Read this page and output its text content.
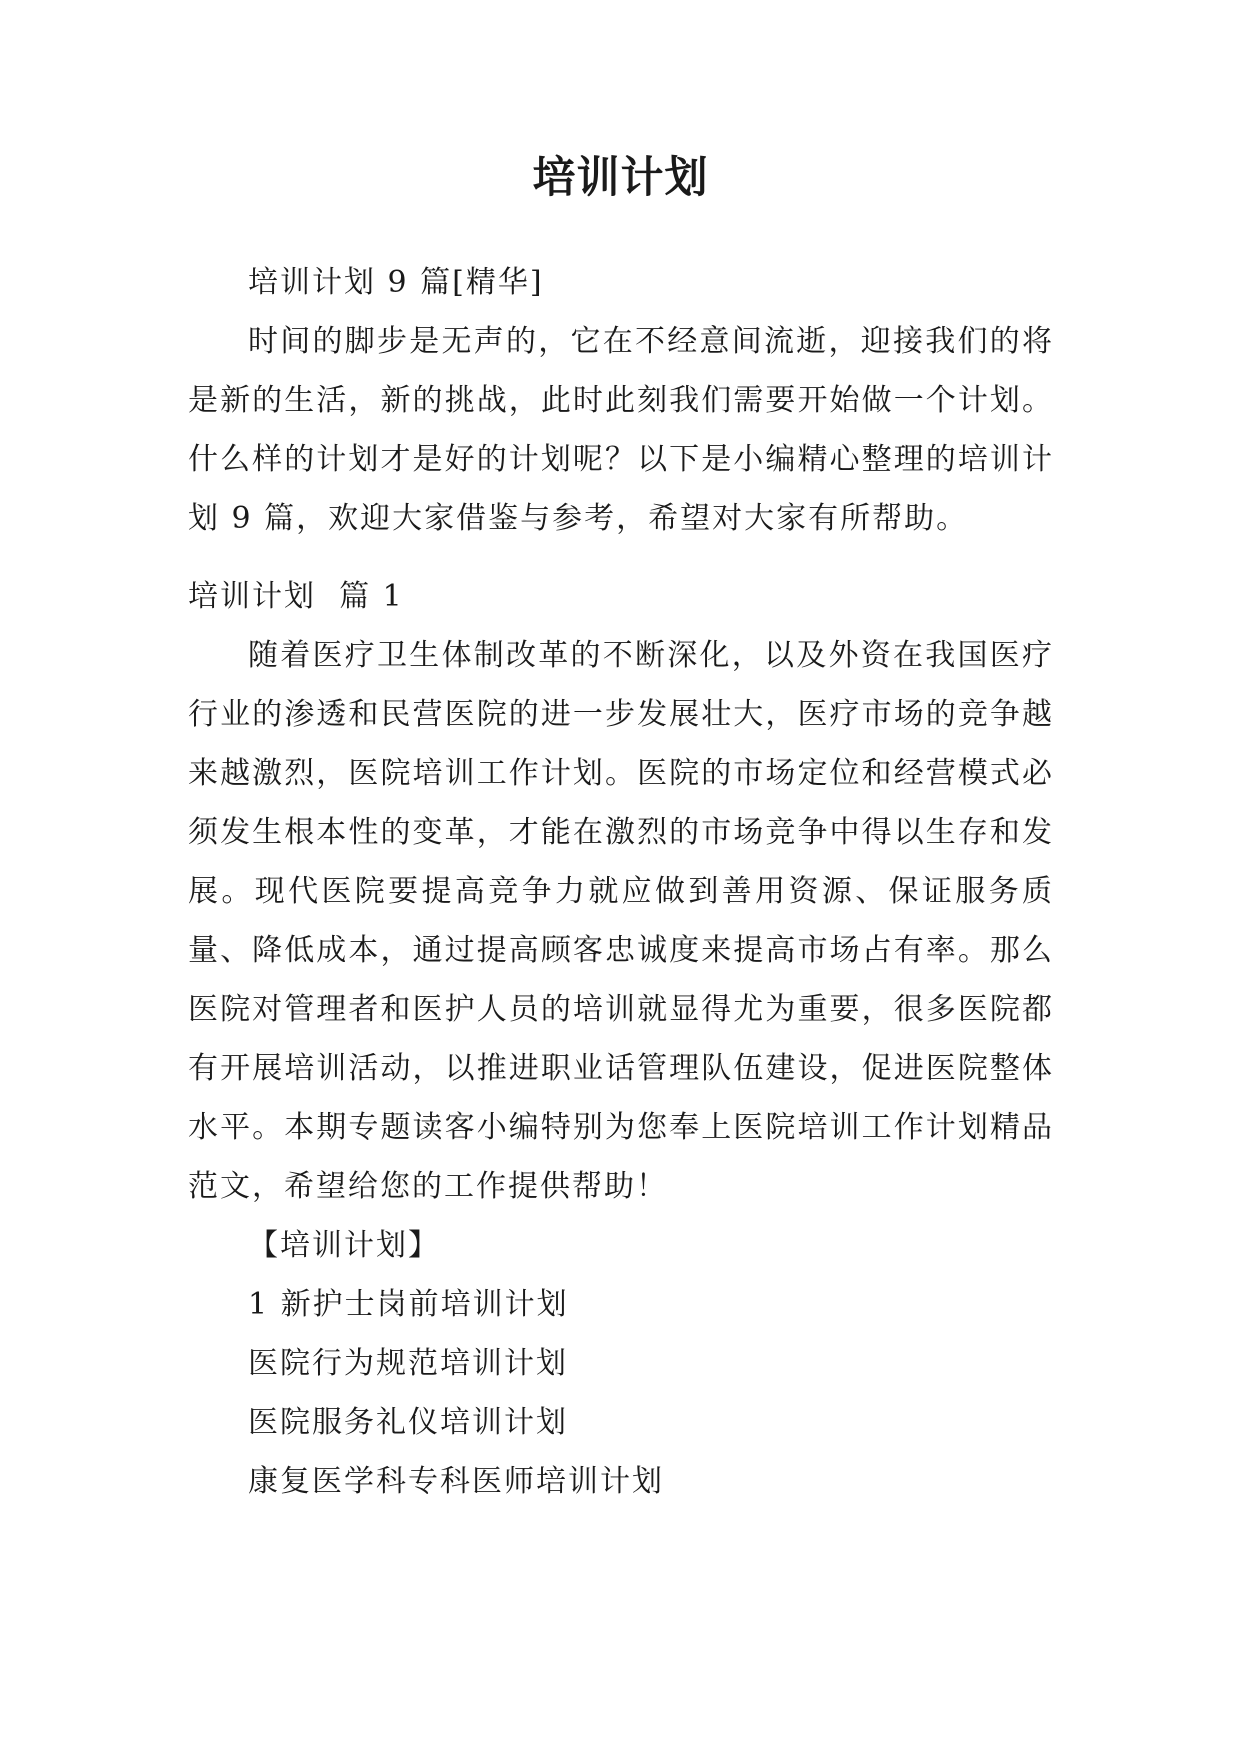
培训计划

培训计划 9 篇[精华]

时间的脚步是无声的，它在不经意间流逝，迎接我们的将是新的生活，新的挑战，此时此刻我们需要开始做一个计划。什么样的计划才是好的计划呢？以下是小编精心整理的培训计划 9 篇，欢迎大家借鉴与参考，希望对大家有所帮助。

培训计划  篇 1

随着医疗卫生体制改革的不断深化，以及外资在我国医疗行业的渗透和民营医院的进一步发展壮大，医疗市场的竞争越来越激烈，医院培训工作计划。医院的市场定位和经营模式必须发生根本性的变革，才能在激烈的市场竞争中得以生存和发展。现代医院要提高竞争力就应做到善用资源、保证服务质量、降低成本，通过提高顾客忠诚度来提高市场占有率。那么医院对管理者和医护人员的培训就显得尤为重要，很多医院都有开展培训活动，以推进职业话管理队伍建设，促进医院整体水平。本期专题读客小编特别为您奉上医院培训工作计划精品范文，希望给您的工作提供帮助！

【培训计划】

1 新护士岗前培训计划

医院行为规范培训计划

医院服务礼仪培训计划

康复医学科专科医师培训计划
